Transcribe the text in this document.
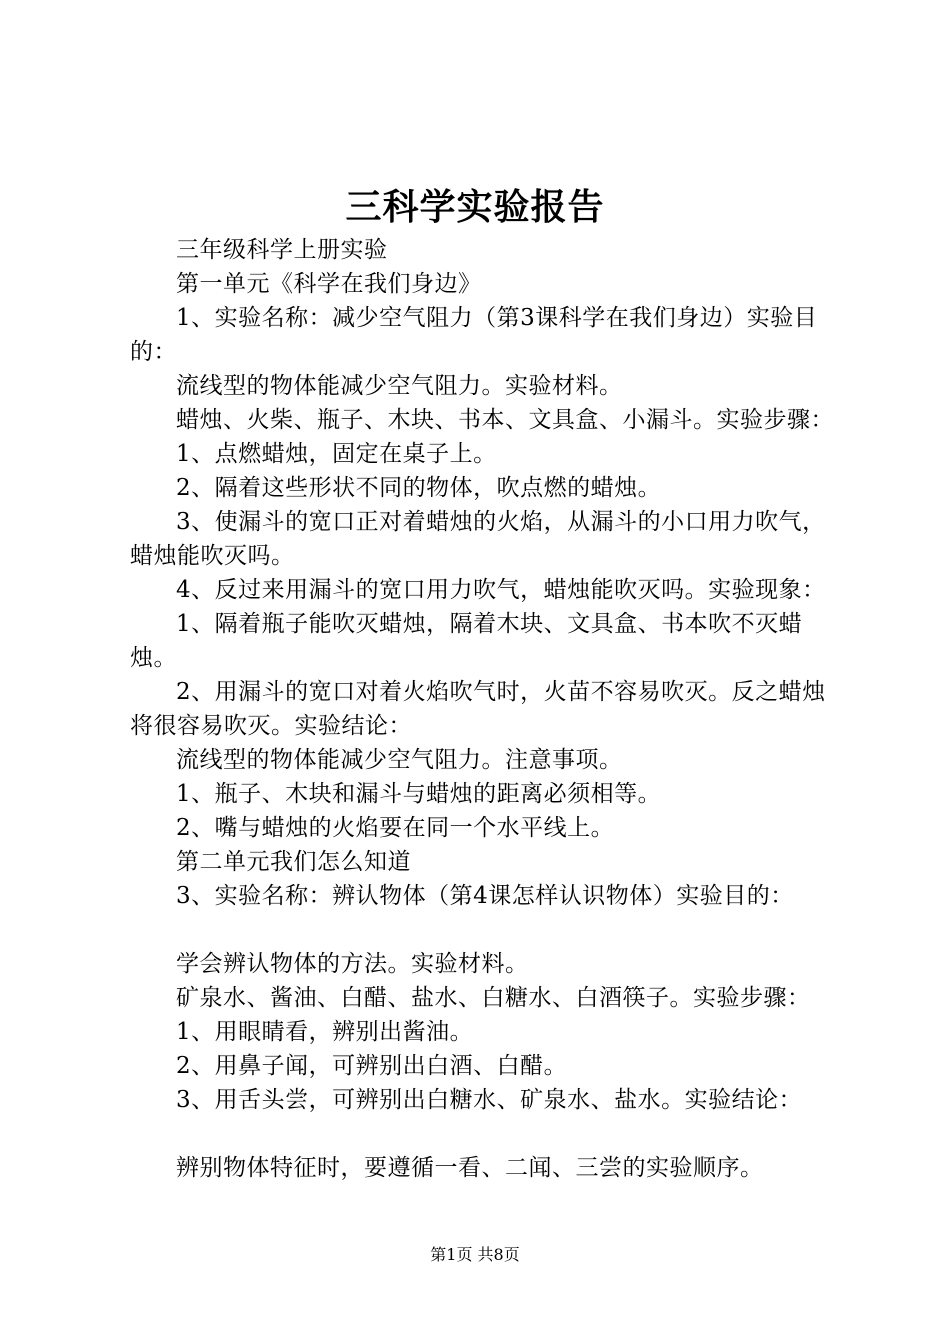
三科学实验报告

三年级科学上册实验

第一单元《科学在我们身边》

1、实验名称：减少空气阻力（第3课科学在我们身边）实验目的：

流线型的物体能减少空气阻力。实验材料。

蜡烛、火柴、瓶子、木块、书本、文具盒、小漏斗。实验步骤：

1、点燃蜡烛，固定在桌子上。

2、隔着这些形状不同的物体，吹点燃的蜡烛。

3、使漏斗的宽口正对着蜡烛的火焰，从漏斗的小口用力吹气，蜡烛能吹灭吗。

4、反过来用漏斗的宽口用力吹气，蜡烛能吹灭吗。实验现象：

1、隔着瓶子能吹灭蜡烛，隔着木块、文具盒、书本吹不灭蜡烛。

2、用漏斗的宽口对着火焰吹气时，火苗不容易吹灭。反之蜡烛将很容易吹灭。实验结论：

流线型的物体能减少空气阻力。注意事项。

1、瓶子、木块和漏斗与蜡烛的距离必须相等。

2、嘴与蜡烛的火焰要在同一个水平线上。

第二单元我们怎么知道

3、实验名称：辨认物体（第4课怎样认识物体）实验目的：

学会辨认物体的方法。实验材料。

矿泉水、酱油、白醋、盐水、白糖水、白酒筷子。实验步骤：

1、用眼睛看，辨别出酱油。

2、用鼻子闻，可辨别出白酒、白醋。

3、用舌头尝，可辨别出白糖水、矿泉水、盐水。实验结论：

辨别物体特征时，要遵循一看、二闻、三尝的实验顺序。

第1页 共8页
